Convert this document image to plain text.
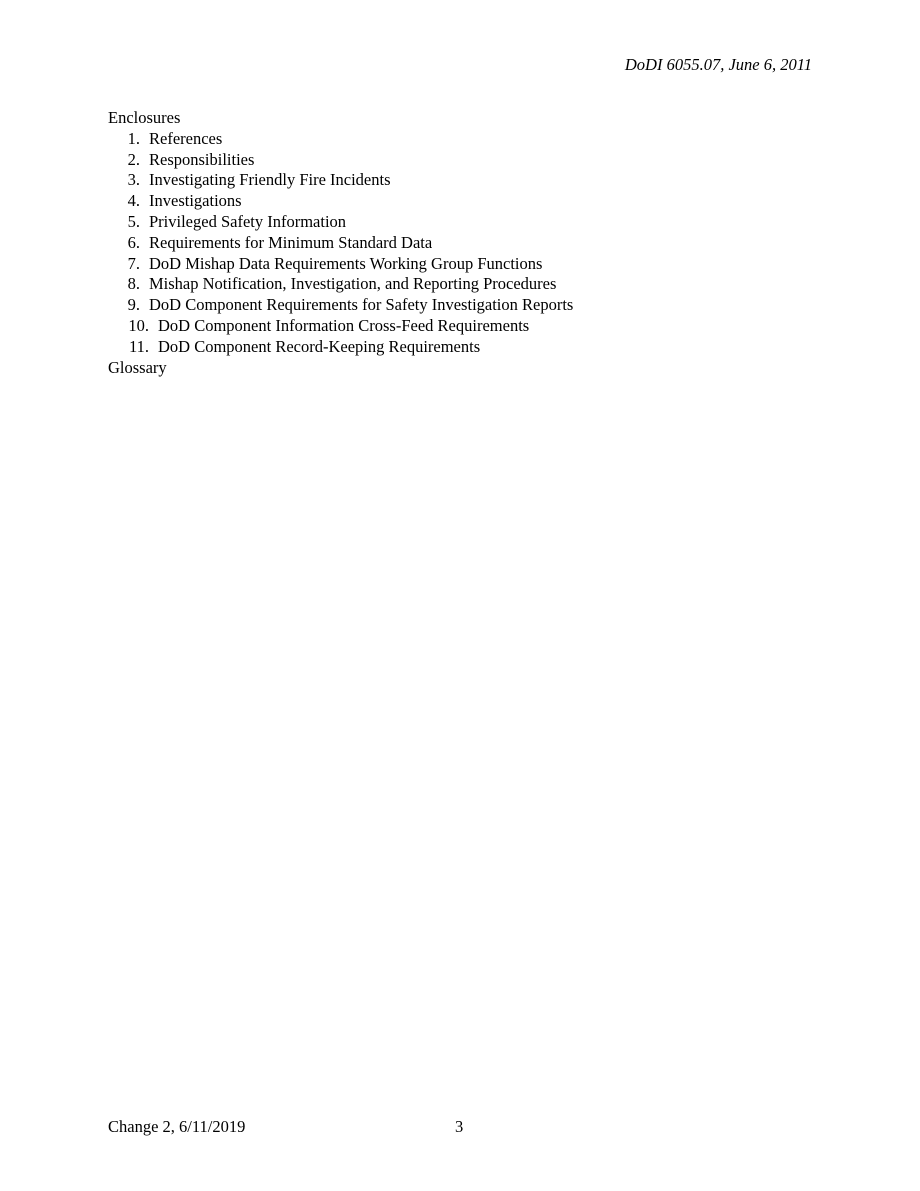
DoDI 6055.07, June 6, 2011
Enclosures
1. References
2. Responsibilities
3. Investigating Friendly Fire Incidents
4. Investigations
5. Privileged Safety Information
6. Requirements for Minimum Standard Data
7. DoD Mishap Data Requirements Working Group Functions
8. Mishap Notification, Investigation, and Reporting Procedures
9. DoD Component Requirements for Safety Investigation Reports
10. DoD Component Information Cross-Feed Requirements
11. DoD Component Record-Keeping Requirements
Glossary
Change 2, 6/11/2019	3
